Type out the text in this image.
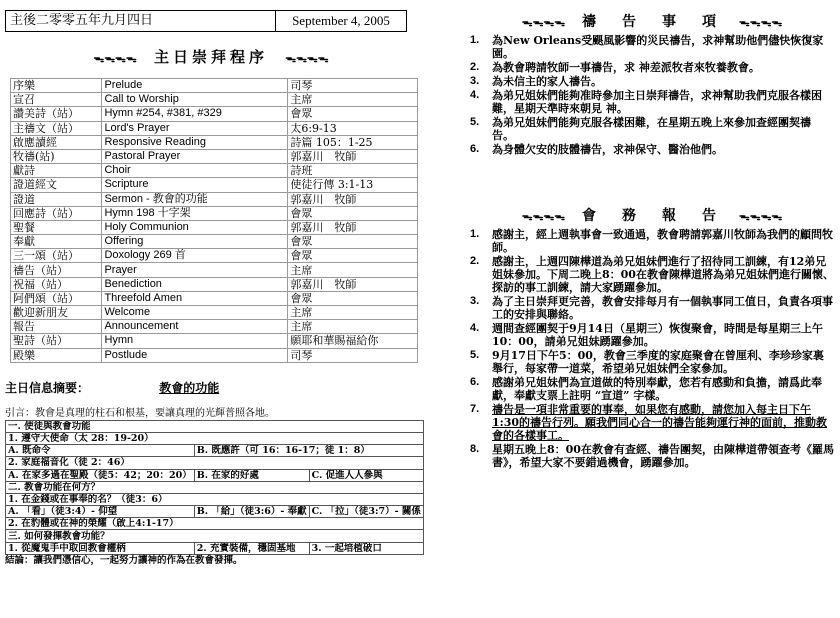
主後二零零五年九月四日	September 4, 2005
ᯓᯓᯓᯓ 主日崇拜程序 ᯓᯓᯓᯓ
序樂	Prelude	司琴
宣召	Call to Worship	主席
讚美詩（站）	Hymn #254, #381, #329	會眾
主禱文（站）	Lord's Prayer	太6:9-13
啟應讀經	Responsive Reading	詩篇 105：1-25
牧禱(站)	Pastoral Prayer	郭嘉川　牧師
獻詩	Choir	詩班
證道經文	Scripture	使徒行傳 3:1-13
證道	Sermon - 教會的功能	郭嘉川　牧師
回應詩（站）	Hymn 198 十字架	會眾
聖餐	Holy Communion	郭嘉川　牧師
奉獻	Offering	會眾
三一頌（站）	Doxology 269 首	會眾
禱告（站）	Prayer	主席
祝福（站）	Benediction	郭嘉川　牧師
阿們頌（站）	Threefold Amen	會眾
歡迎新朋友	Welcome	主席
報告	Announcement	主席
聖詩（站）	Hymn	願耶和華賜福給你
殿樂	Postlude	司琴
主日信息摘要：	教會的功能
引言：教會是真理的柱石和根基，要讓真理的光輝普照各地。
一. 使徒與教會功能		
1. 遵守大使命（太 28：19-20）		
A. 既命令	B. 既應許（可 16：16-17；徒 1：8）	
2. 家庭福音化（徒 2：46）		
A. 在家多過在聖殿（徒5：42；20：20）	B. 在家的好處	C. 促進人人參與
二. 教會功能在何方？		
1. 在金錢或在事奉的名？（徒3：6）		
A. 「看」（徒3:4）- 仰望	B. 「給」（徒3:6）- 奉獻	C. 「拉」（徒3:7）- 關係
2. 在豹體或在神的榮耀（啟上4:1-17）		
三. 如何發揮教會功能？		
1. 從魔鬼手中取回教會權柄	2. 充實裝備，穩固基地	3. 一起培植破口
結論：讓我們憑信心，一起努力讓神的作為在教會發揮。
ᯓᯓᯓᯓ 禱　告　事　項 ᯓᯓᯓᯓ
1.	為New Orleans受颶風影響的災民禱告，求神幫助他們儘快恢復家園。
2.	為教會聘請牧師一事禱告，求 神差派牧者來牧養教會。
3.	為未信主的家人禱告。
4.	為弟兄姐妹們能夠准時參加主日崇拜禱告，求神幫助我們克服各樣困難，星期天準時來朝見 神。
5.	為弟兄姐妹們能夠克服各樣困難，在星期五晚上來參加查經團契禱告。
6.	為身體欠安的肢體禱告，求神保守、醫治他們。
ᯓᯓᯓᯓ 會　務　報　告 ᯓᯓᯓᯓ
1.	感謝主，經上週執事會一致通過，教會聘請郭嘉川牧師為我們的顧問牧師。
2.	感謝主，上週四陳樺道為弟兄姐妹們進行了招待同工訓練，有12弟兄姐妹參加。下周二晚上8：00在教會陳樺道將為弟兄姐妹們進行關懷、探訪的事工訓練，請大家踴躍參加。
3.	為了主日崇拜更完善，教會安排每月有一個執事同工值日，負責各項事工的安排與聯絡。
4.	週間查經團契于9月14日（星期三）恢復聚會，時間是每星期三上午10：00，請弟兄姐妹踴躍參加。
5.	9月17日下午5：00，教會三季度的家庭聚會在曾厘利、李珍珍家裏舉行，每家帶一道菜，希望弟兄姐妹們全家參加。
6.	感謝弟兄姐妹們為宣道做的特別奉獻，您若有感動和負擔，請爲此奉獻，奉獻支票上註明 “宣道” 字樣。
7.	禱告是一項非常重要的事奉，如果您有感動，請您加入每主日下午1:30的禱告行列。願我們同心合一的禱告能夠運行神的面前，推動教會的各樣事工。
8.	星期五晚上8：00在教會有查經、禱告團契，由陳樺道帶領查考《羅馬書》，希望大家不要錯過機會，踴躍參加。
